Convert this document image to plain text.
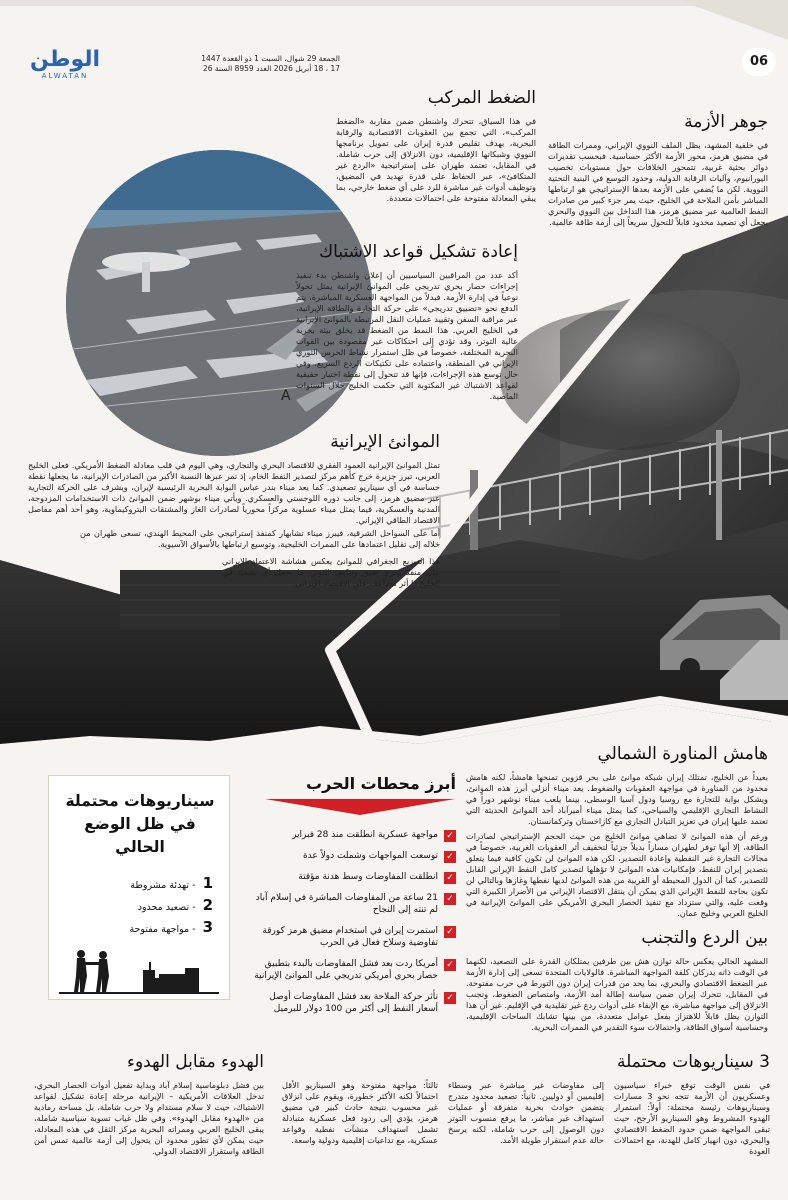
الوطن
ALWATAN
الجمعة 29 شوال، السبت 1 ذو القعدة 1447
17 ، 18 أبريل 2026 العدد 8959 السنة 26	06
A
جوهر الأزمة
في خلفية المشهد، يظل الملف النووي الإيراني، وممرات الطاقة في مضيق هرمز، محور الأزمة الأكثر حساسية. فبحسب تقديرات دوائر بحثية غربية، تتمحور الخلافات حول مستويات تخصيب اليورانيوم، وآليات الرقابة الدولية، وحدود التوسع في البنية التحتية النووية. لكن ما يُضفي على الأزمة بعدها الإستراتيجي هو ارتباطها المباشر بأمن الملاحة في الخليج، حيث يمر جزء كبير من صادرات النفط العالمية عبر مضيق هرمز، هذا التداخل بين النووي والبحري يجعل أي تصعيد محدود قابلاً للتحول سريعاً إلى أزمة طاقة عالمية.
الضغط المركب
في هذا السياق، تتحرك واشنطن ضمن مقاربة «الضغط المركب»، التي تجمع بين العقوبات الاقتصادية والرقابة البحرية، بهدف تقليص قدرة إيران على تمويل برنامجها النووي وشبكاتها الإقليمية، دون الانزلاق إلى حرب شاملة. في المقابل، تعتمد طهران على إستراتيجية «الردع غير المتكافئ»، عبر الحفاظ على قدرة تهديد في المضيق، وتوظيف أدوات غير مباشرة للرد على أي ضغط خارجي، بما يبقي المعادلة مفتوحة على احتمالات متعددة.
إعادة تشكيل قواعد الاشتباك
أكد عدد من المراقبين السياسيين أن إعلان واشنطن بدء تنفيذ إجراءات حصار بحري تدريجي على الموانئ الإيرانية يمثل تحولاً نوعياً في إدارة الأزمة. فبدلاً من المواجهة العسكرية المباشرة، يتم الدفع نحو «تضييق تدريجي» على حركة التجارة والطاقة الإيرانية، عبر مراقبة السفن وتقييد عمليات النقل المرتبطة بالموانئ الإيرانية في الخليج العربي. هذا النمط من الضغط قد يخلق بيئة بحرية عالية التوتر، وقد تؤدي إلى احتكاكات غير مقصودة بين القوات البحرية المختلفة، خصوصاً في ظل استمرار نشاط الحرس الثوري الإيراني في المنطقة، واعتماده على تكتيكات الردع السريع. وفي حال توسع هذه الإجراءات، فإنها قد تتحول إلى نقطة اختبار حقيقية لقواعد الاشتباك غير المكتوبة التي حكمت الخليج خلال السنوات الماضية.
الموانئ الإيرانية
تمثل الموانئ الإيرانية العمود الفقري للاقتصاد البحري والتجاري، وهي اليوم في قلب معادلة الضغط الأمريكي. فعلى الخليج العربي، تبرز جزيرة خرج كأهم مركز لتصدير النفط الخام، إذ تمر عبرها النسبة الأكبر من الصادرات الإيرانية، ما يجعلها نقطة حساسة في أي سيناريو تصعيدي. كما يعد ميناء بندر عباس البوابة البحرية الرئيسية لإيران، ويشرف على الحركة التجارية عبر مضيق هرمز، إلى جانب دوره اللوجستي والعسكري. ويأتي ميناء بوشهر ضمن الموانئ ذات الاستخدامات المزدوجة، المدنية والعسكرية، فيما يمثل ميناء عسلوية مركزاً محورياً لصادرات الغاز والمشتقات البتروكيماوية، وهو أحد أهم مفاصل الاقتصاد الطاقي الإيراني.
أما على السواحل الشرقية، فيبرز ميناء تشابهار كمنفذ إستراتيجي على المحيط الهندي، تسعى طهران من خلاله إلى تقليل اعتمادها على الممرات الخليجية، وتوسيع ارتباطها بالأسواق الآسيوية.
هذا التوزيع الجغرافي للموانئ يعكس هشاشة الاعتماد الإيراني على منفذ بحري ضيق ومكثف التوتر، ما يجعل أي تصعيد في الخليج ذا أثر مضاعف على الاقتصاد الإيراني.
هامش المناورة الشمالي
بعيداً عن الخليج، تمتلك إيران شبكة موانئ على بحر قزوين تمنحها هامشاً، لكنه هامش محدود من المناورة في مواجهة العقوبات والضغوط. يعد ميناء أنزلي أبرز هذه الموانئ، ويشكل بوابة للتجارة مع روسيا ودول آسيا الوسطى، بينما يلعب ميناء نوشهر دوراً في النشاط التجاري الإقليمي والسياحي، كما يمثل ميناء أميرآباد أحد الموانئ الحديثة التي تعتمد عليها إيران في تعزيز التبادل التجاري مع كازاخستان وتركمانستان.
ورغم أن هذه الموانئ لا تضاهي موانئ الخليج من حيث الحجم الإستراتيجي لصادرات الطاقة، إلا أنها توفر لطهران مساراً بديلاً جزئياً لتخفيف أثر العقوبات الغربية، خصوصاً في مجالات التجارة غير النفطية وإعادة التصدير، لكن هذه الموانئ لن تكون كافية فيما يتعلق بتصدير إيران للنفط، فإمكانيات هذه الموانئ لا تؤهلها لتصدير كامل النفط الإيراني القابل للتصدير، كما أن الدول المحيطة أو القريبة من هذه الموانئ لديها نفطها وغازها وبالتالي لن تكون بحاجة للنفط الإيراني الذي يمكن أن ينتقل الاقتصاد الإيراني من الأضرار الكبيرة التي وقعت عليه، والتي ستزداد مع تنفيذ الحصار البحري الأمريكي على الموانئ الإيرانية في الخليج العربي وخليج عمان.
بين الردع والتجنب
المشهد الحالي يعكس حالة توازن هش بين طرفين يمتلكان القدرة على التصعيد، لكنهما في الوقت ذاته يدركان كلفة المواجهة المباشرة. فالولايات المتحدة تسعى إلى إدارة الأزمة عبر الضغط الاقتصادي والبحري، بما يحد من قدرات إيران دون التورط في حرب مفتوحة. في المقابل، تتحرك إيران ضمن سياسة إطالة أمد الأزمة، وامتصاص الضغوط، وتجنب الانزلاق إلى مواجهة مباشرة، مع الإبقاء على أدوات ردع غير تقليدية في الإقليم. غير أن هذا التوازن يظل قابلاً للاهتزاز بفعل عوامل متعددة، من بينها تشابك الساحات الإقليمية، وحساسية أسواق الطاقة، واحتمالات سوء التقدير في الممرات البحرية.
أبرز محطات الحرب
✓
مواجهة عسكرية انطلقت منذ 28 فبراير
✓
توسعت المواجهات وشملت دولاً عدة
✓
انطلقت المفاوضات وسط هدنة مؤقتة
✓
21 ساعة من المفاوضات المباشرة في إسلام آباد لم تنته إلى النجاح
✓
استمرت إيران في استخدام مضيق هرمز كورقة تفاوضية وسلاح فعال في الحرب
✓
أمريكا ردت بعد فشل المفاوضات بالبدء بتطبيق حصار بحري أمريكي تدريجي على الموانئ الإيرانية
✓
تأثر حركة الملاحة بعد فشل المفاوضات أوصل أسعار النفط إلى أكثر من 100 دولار للبرميل
سيناريوهات محتملة في ظل الوضع الحالي
1 - تهدئة مشروطة
2 - تصعيد محدود
3 - مواجهة مفتوحة
3 سيناريوهات محتملة
في نفس الوقت توقع خبراء سياسيون وعسكريون أن الأزمة تتجه نحو 3 مسارات وسيناريوهات رئيسة محتملة: أولاً: استمرار الهدوء المشروط وهو السيناريو الأرجح، حيث تبقى المواجهة ضمن حدود الضغط الاقتصادي والبحري، دون انهيار كامل للهدنة، مع احتمالات العودة
إلى مفاوضات غير مباشرة عبر وسطاء إقليميين أو دوليين. ثانياً: تصعيد محدود متدرج يتضمن حوادث بحرية متفرقة أو عمليات استهداف غير مباشر، ما يرفع منسوب التوتر دون الوصول إلى حرب شاملة، لكنه يرسخ حالة عدم استقرار طويلة الأمد.
ثالثاً: مواجهة مفتوحة وهو السيناريو الأقل احتمالاً لكنه الأكثر خطورة، ويقوم على انزلاق غير محسوب نتيجة حادث كبير في مضيق هرمز، يؤدي إلى ردود فعل عسكرية متبادلة تشمل استهداف منشآت نفطية وقواعد عسكرية، مع تداعيات إقليمية ودولية واسعة.
الهدوء مقابل الهدوء
بين فشل دبلوماسية إسلام آباد وبداية تفعيل أدوات الحصار البحري، تدخل العلاقات الأمريكية – الإيرانية مرحلة إعادة تشكيل لقواعد الاشتباك، حيث لا سلام مستدام ولا حرب شاملة، بل مساحة رمادية من «الهدوء مقابل الهدوء». وفي ظل غياب تسوية سياسية شاملة، يبقى الخليج العربي وممراته البحرية مركز الثقل في هذه المعادلة، حيث يمكن لأي تطور محدود أن يتحول إلى أزمة عالمية تمس أمن الطاقة واستقرار الاقتصاد الدولي.
